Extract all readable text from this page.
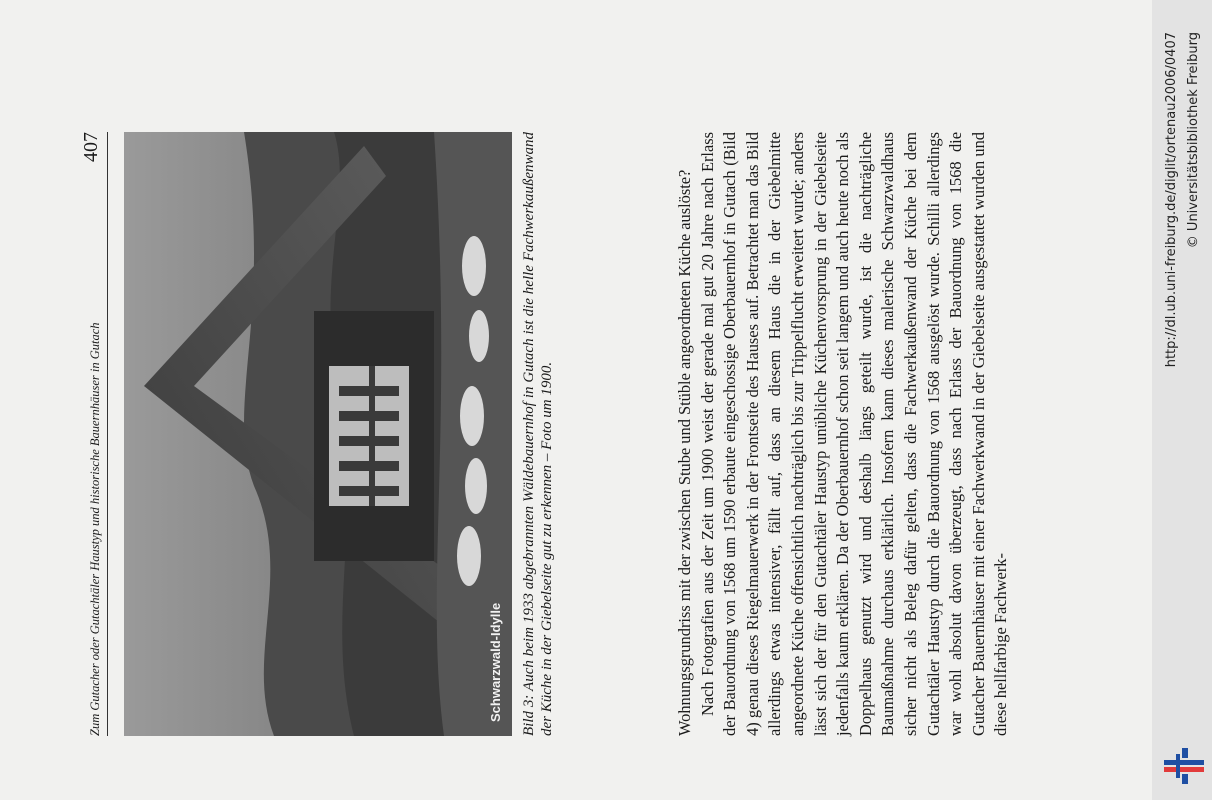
Zum Gutacher oder Gutachtäler Haustyp und historische Bauernhäuser in Gutach
407
Schwarzwald-Idylle Bild 3: Auch beim 1933 abgebrannten Wäldebauernhof in Gutach ist die helle Fachwerkaußenwand der Küche in der Giebelseite gut zu erkennen – Foto um 1900.	Wohnungsgrundriss mit der zwischen Stube und Stüble angeordneten Küche auslöste? Nach Fotografien aus der Zeit um 1900 weist der gerade mal gut 20 Jahre nach Erlass der Bauordnung von 1568 um 1590 erbaute eingeschossige Oberbauernhof in Gutach (Bild 4) genau dieses Riegelmauerwerk in der Frontseite des Hauses auf. Betrachtet man das Bild allerdings etwas intensiver, fällt auf, dass an diesem Haus die in der Giebelmitte angeordnete Küche offensichtlich nachträglich bis zur Trippelflucht erweitert wurde; anders lässt sich der für den Gutachtäler Haustyp unübliche Küchenvorsprung in der Giebelseite jedenfalls kaum erklären. Da der Oberbauernhof schon seit langem und auch heute noch als Doppelhaus genutzt wird und deshalb längs geteilt wurde, ist die nachträgliche Baumaßnahme durchaus erklärlich. Insofern kann dieses malerische Schwarzwaldhaus sicher nicht als Beleg dafür gelten, dass die Fachwerkaußenwand der Küche bei dem Gutachtäler Haustyp durch die Bauordnung von 1568 ausgelöst wurde. Schilli allerdings war wohl absolut davon überzeugt, dass nach Erlass der Bauordnung von 1568 die Gutacher Bauernhäuser mit einer Fachwerkwand in der Giebelseite ausgestattet wurden und diese hellfarbige Fachwerk-

http://dl.ub.uni-freiburg.de/diglit/ortenau2006/0407 © Universitätsbibliothek Freiburg
